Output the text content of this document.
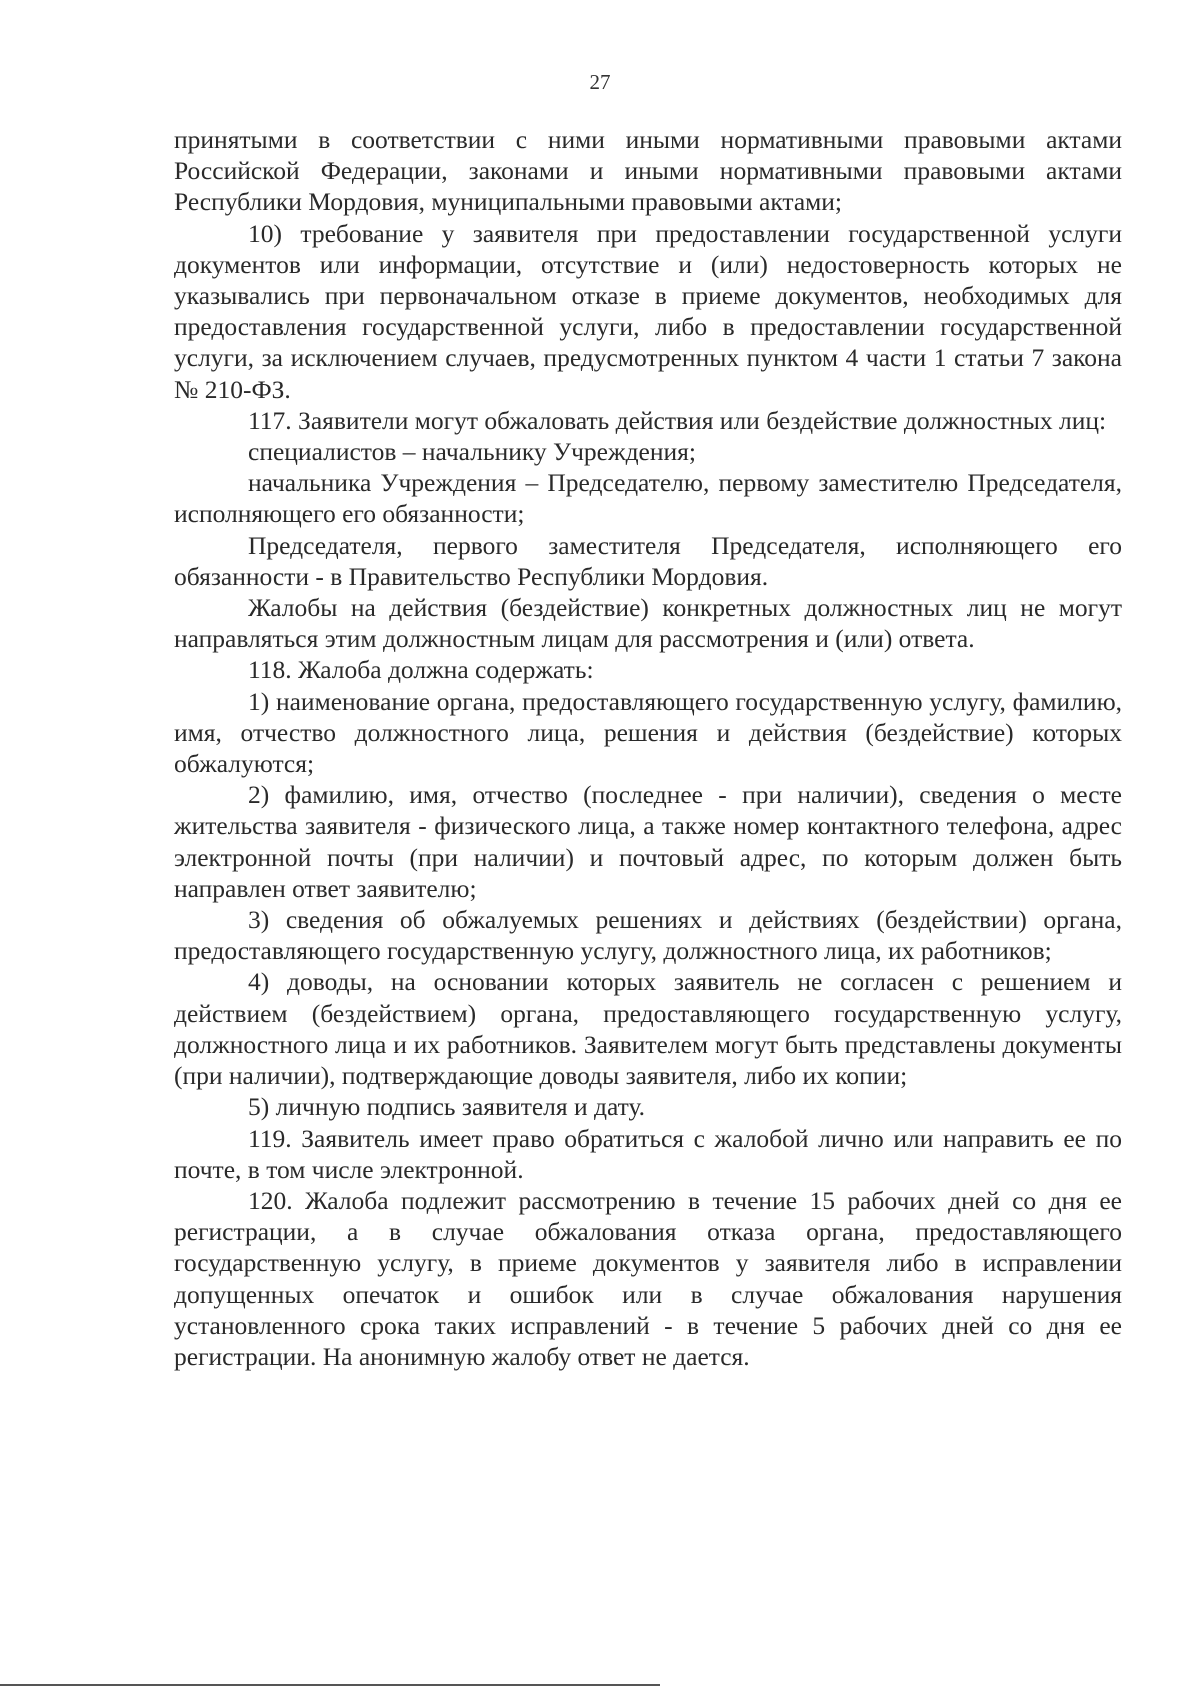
27

принятыми в соответствии с ними иными нормативными правовыми актами Российской Федерации, законами и иными нормативными правовыми актами Республики Мордовия, муниципальными правовыми актами;

10) требование у заявителя при предоставлении государственной услуги документов или информации, отсутствие и (или) недостоверность которых не указывались при первоначальном отказе в приеме документов, необходимых для предоставления государственной услуги, либо в предоставлении государственной услуги, за исключением случаев, предусмотренных пунктом 4 части 1 статьи 7 закона № 210-ФЗ.

117. Заявители могут обжаловать действия или бездействие должностных лиц:

специалистов – начальнику Учреждения;

начальника Учреждения – Председателю, первому заместителю Председателя, исполняющего его обязанности;

Председателя, первого заместителя Председателя, исполняющего его обязанности - в Правительство Республики Мордовия.

Жалобы на действия (бездействие) конкретных должностных лиц не могут направляться этим должностным лицам для рассмотрения и (или) ответа.

118. Жалоба должна содержать:

1) наименование органа, предоставляющего государственную услугу, фамилию, имя, отчество должностного лица, решения и действия (бездействие) которых обжалуются;

2) фамилию, имя, отчество (последнее - при наличии), сведения о месте жительства заявителя - физического лица, а также номер контактного телефона, адрес электронной почты (при наличии) и почтовый адрес, по которым должен быть направлен ответ заявителю;

3) сведения об обжалуемых решениях и действиях (бездействии) органа, предоставляющего государственную услугу, должностного лица, их работников;

4) доводы, на основании которых заявитель не согласен с решением и действием (бездействием) органа, предоставляющего государственную услугу, должностного лица и их работников. Заявителем могут быть представлены документы (при наличии), подтверждающие доводы заявителя, либо их копии;

5) личную подпись заявителя и дату.

119. Заявитель имеет право обратиться с жалобой лично или направить ее по почте, в том числе электронной.

120. Жалоба подлежит рассмотрению в течение 15 рабочих дней со дня ее регистрации, а в случае обжалования отказа органа, предоставляющего государственную услугу, в приеме документов у заявителя либо в исправлении допущенных опечаток и ошибок или в случае обжалования нарушения установленного срока таких исправлений - в течение 5 рабочих дней со дня ее регистрации. На анонимную жалобу ответ не дается.
